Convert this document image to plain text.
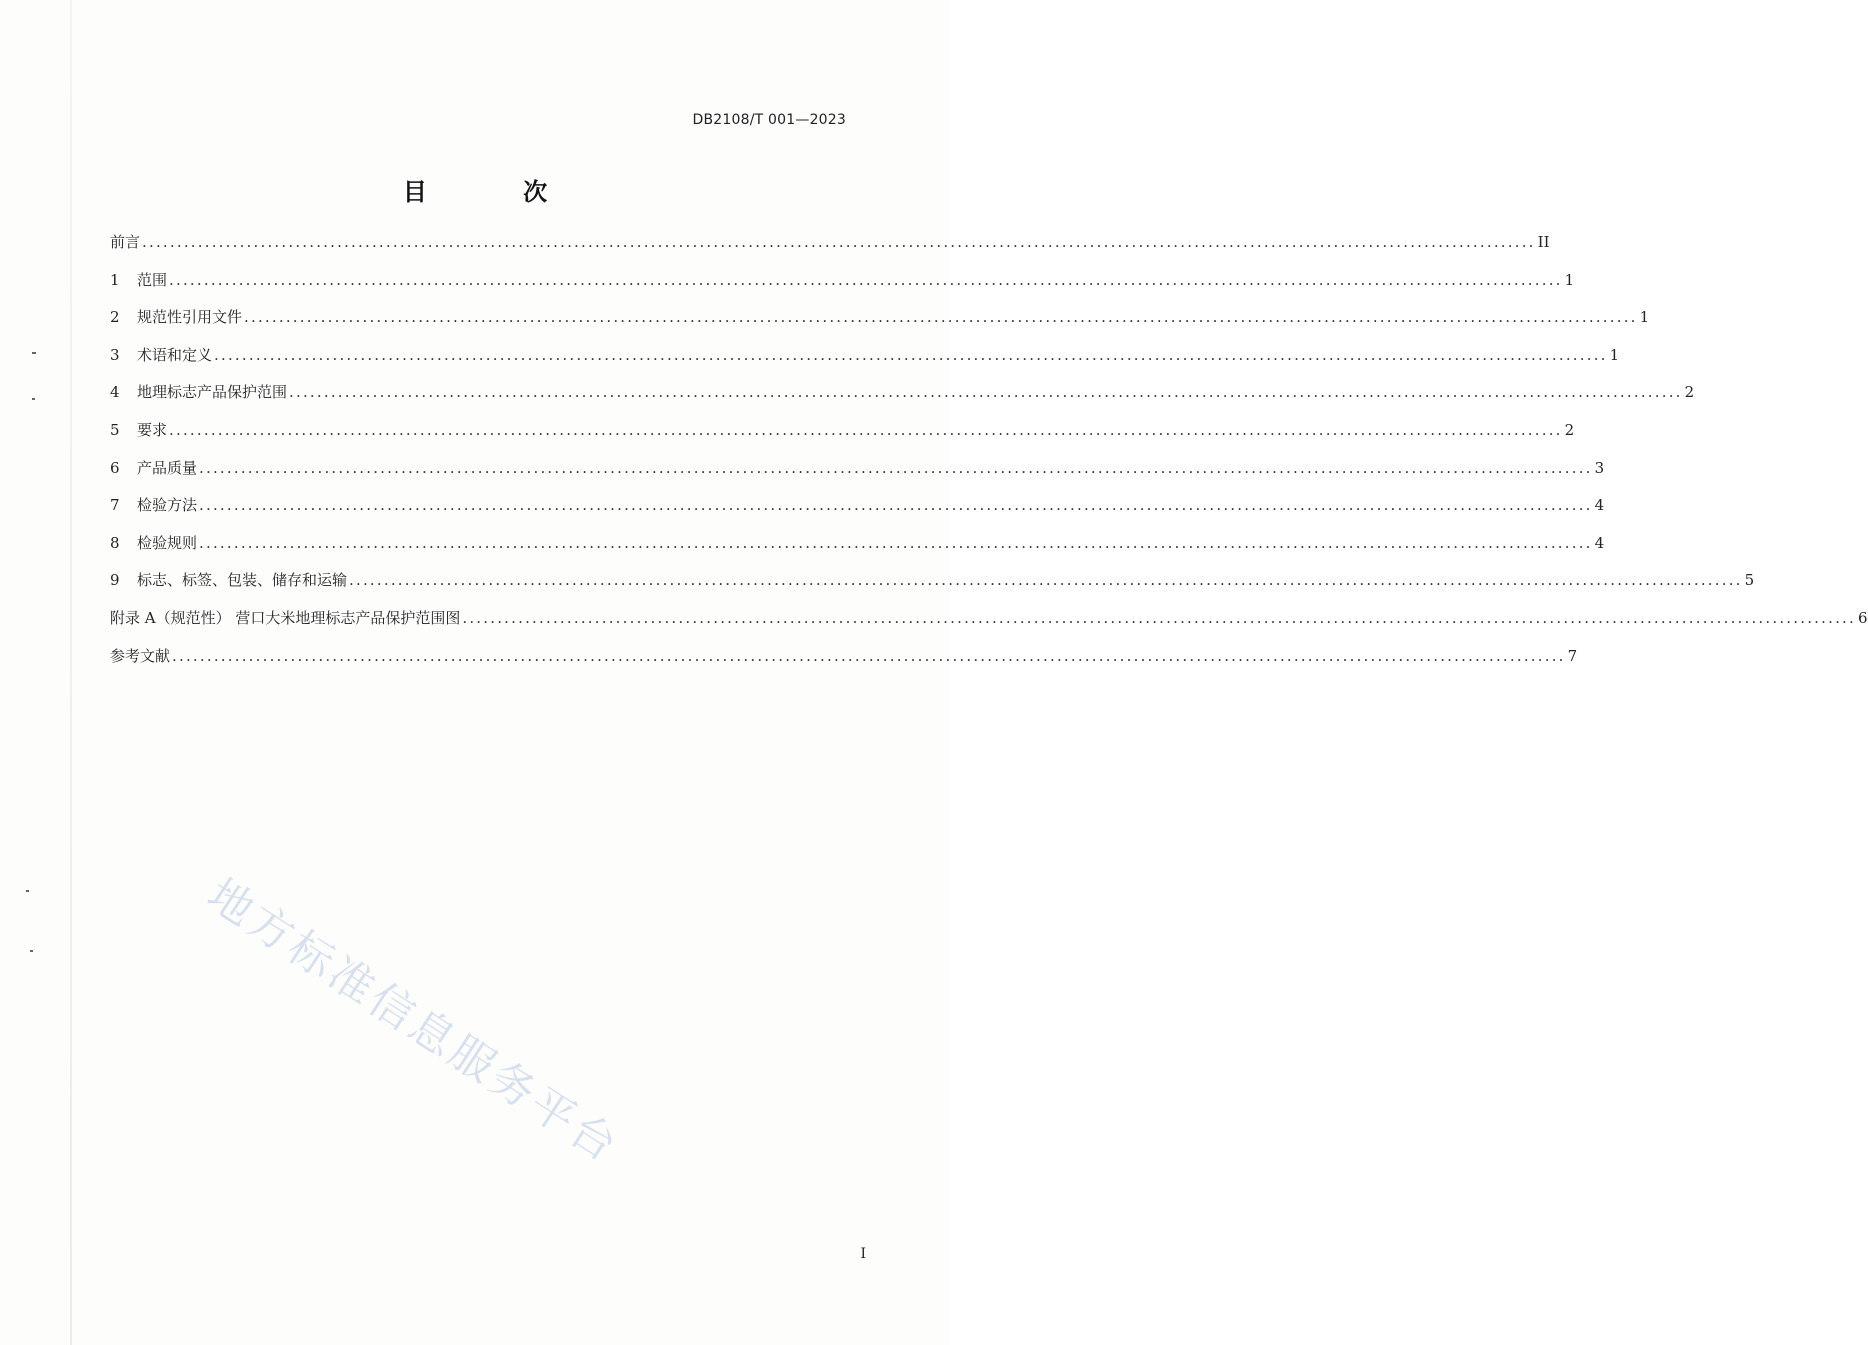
DB2108/T 001—2023
目 次
前言 ........................................................................................................................................................................................................ II
1	范围 ........................................................................................................................................................................................................ 1
2	规范性引用文件 ........................................................................................................................................................................................................ 1
3	术语和定义 ........................................................................................................................................................................................................ 1
4	地理标志产品保护范围 ........................................................................................................................................................................................................ 2
5	要求 ........................................................................................................................................................................................................ 2
6	产品质量 ........................................................................................................................................................................................................ 3
7	检验方法 ........................................................................................................................................................................................................ 4
8	检验规则 ........................................................................................................................................................................................................ 4
9	标志、标签、包装、储存和运输 ........................................................................................................................................................................................................ 5
附录 A（规范性） 营口大米地理标志产品保护范围图 ........................................................................................................................................................................................................ 6
参考文献 ........................................................................................................................................................................................................ 7
地方标准信息服务平台
I
